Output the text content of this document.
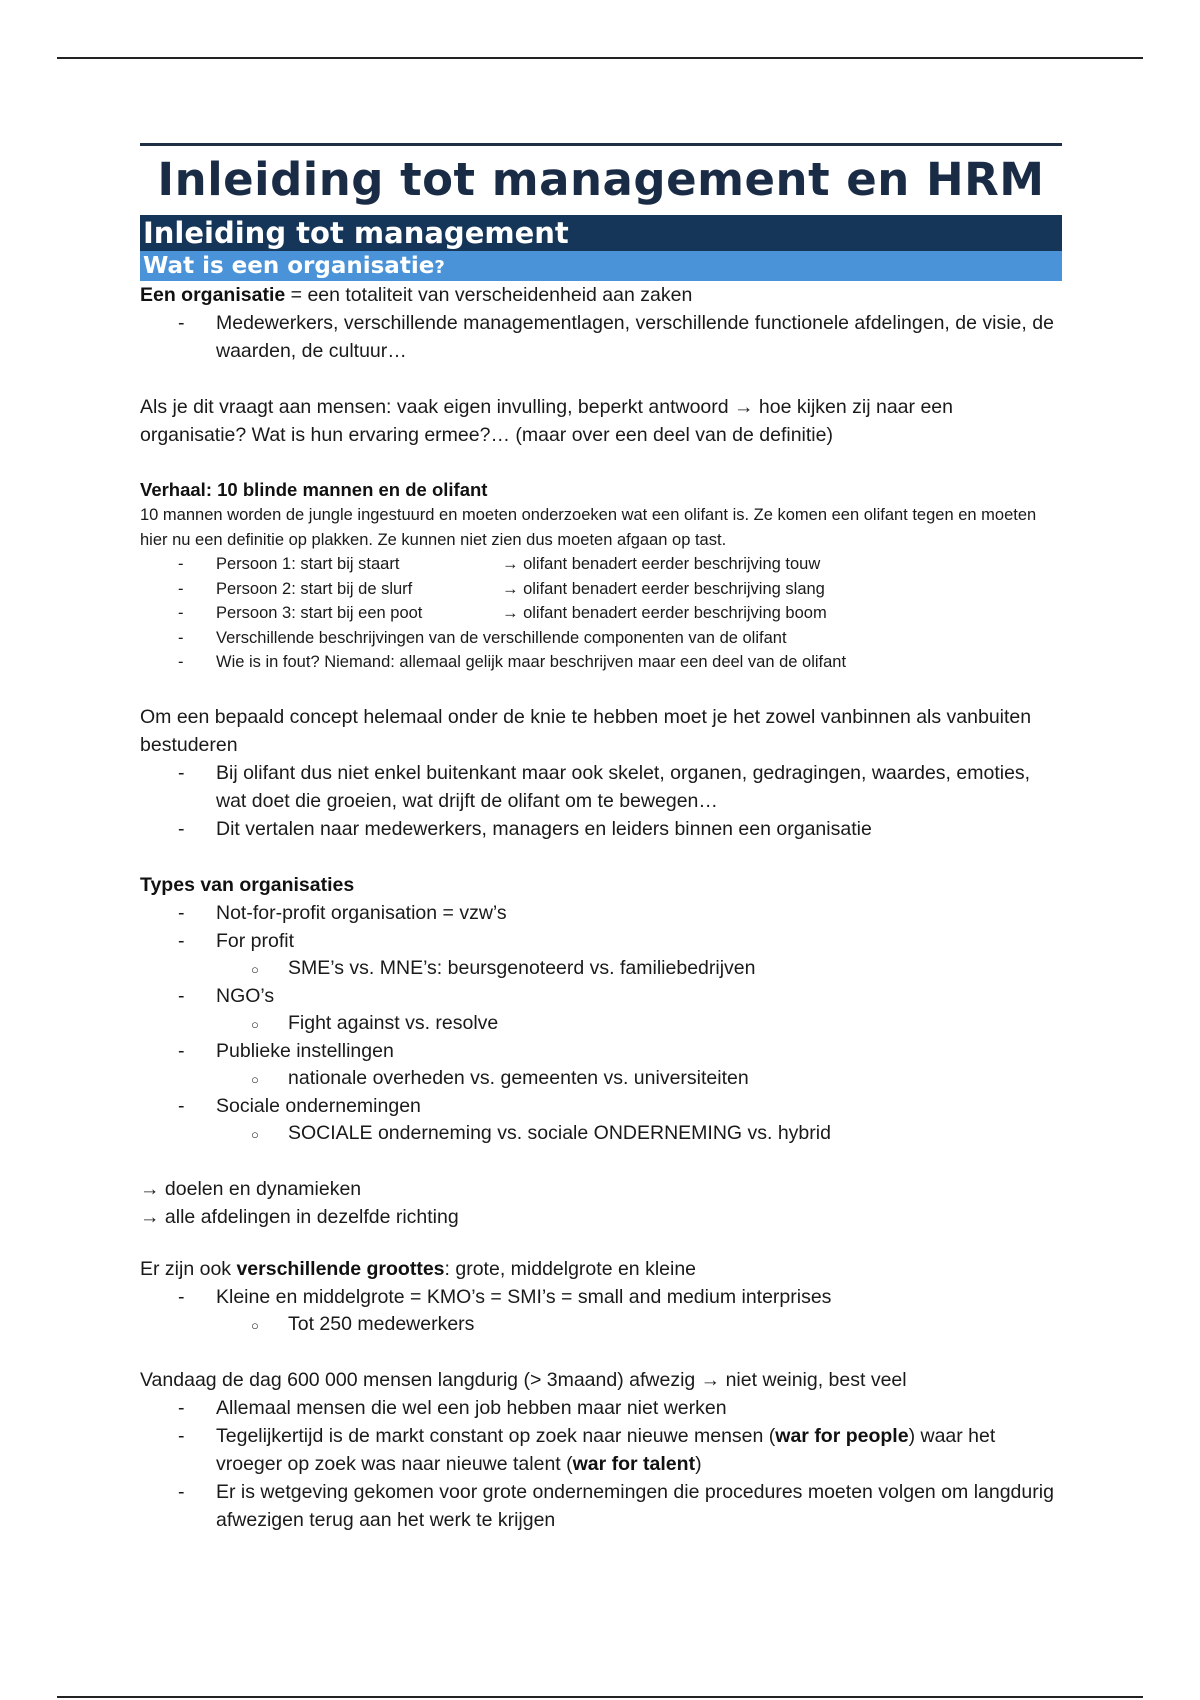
Inleiding tot management en HRM
Inleiding tot management
Wat is een organisatie?

Een organisatie = een totaliteit van verscheidenheid aan zaken

- Medewerkers, verschillende managementlagen, verschillende functionele afdelingen, de visie, de waarden, de cultuur…

Als je dit vraagt aan mensen: vaak eigen invulling, beperkt antwoord → hoe kijken zij naar een organisatie? Wat is hun ervaring ermee?… (maar over een deel van de definitie)

Verhaal: 10 blinde mannen en de olifant

10 mannen worden de jungle ingestuurd en moeten onderzoeken wat een olifant is. Ze komen een olifant tegen en moeten hier nu een definitie op plakken. Ze kunnen niet zien dus moeten afgaan op tast.

- Persoon 1: start bij staart	→ olifant benadert eerder beschrijving touw
- Persoon 2: start bij de slurf	→ olifant benadert eerder beschrijving slang
- Persoon 3: start bij een poot	→ olifant benadert eerder beschrijving boom
- Verschillende beschrijvingen van de verschillende componenten van de olifant
- Wie is in fout? Niemand: allemaal gelijk maar beschrijven maar een deel van de olifant

Om een bepaald concept helemaal onder de knie te hebben moet je het zowel vanbinnen als vanbuiten bestuderen

- Bij olifant dus niet enkel buitenkant maar ook skelet, organen, gedragingen, waardes, emoties, wat doet die groeien, wat drijft de olifant om te bewegen…
- Dit vertalen naar medewerkers, managers en leiders binnen een organisatie

Types van organisaties

- Not-for-profit organisation = vzw’s
- For profit
○ SME’s vs. MNE’s: beursgenoteerd vs. familiebedrijven
- NGO’s
○ Fight against vs. resolve
- Publieke instellingen
○ nationale overheden vs. gemeenten vs. universiteiten
- Sociale ondernemingen
○ SOCIALE onderneming vs. sociale ONDERNEMING vs. hybrid

→ doelen en dynamieken

→ alle afdelingen in dezelfde richting

Er zijn ook verschillende groottes: grote, middelgrote en kleine

- Kleine en middelgrote = KMO’s = SMI’s = small and medium interprises
○ Tot 250 medewerkers

Vandaag de dag 600 000 mensen langdurig (> 3maand) afwezig → niet weinig, best veel

- Allemaal mensen die wel een job hebben maar niet werken
- Tegelijkertijd is de markt constant op zoek naar nieuwe mensen (war for people) waar het vroeger op zoek was naar nieuwe talent (war for talent)
- Er is wetgeving gekomen voor grote ondernemingen die procedures moeten volgen om langdurig afwezigen terug aan het werk te krijgen
